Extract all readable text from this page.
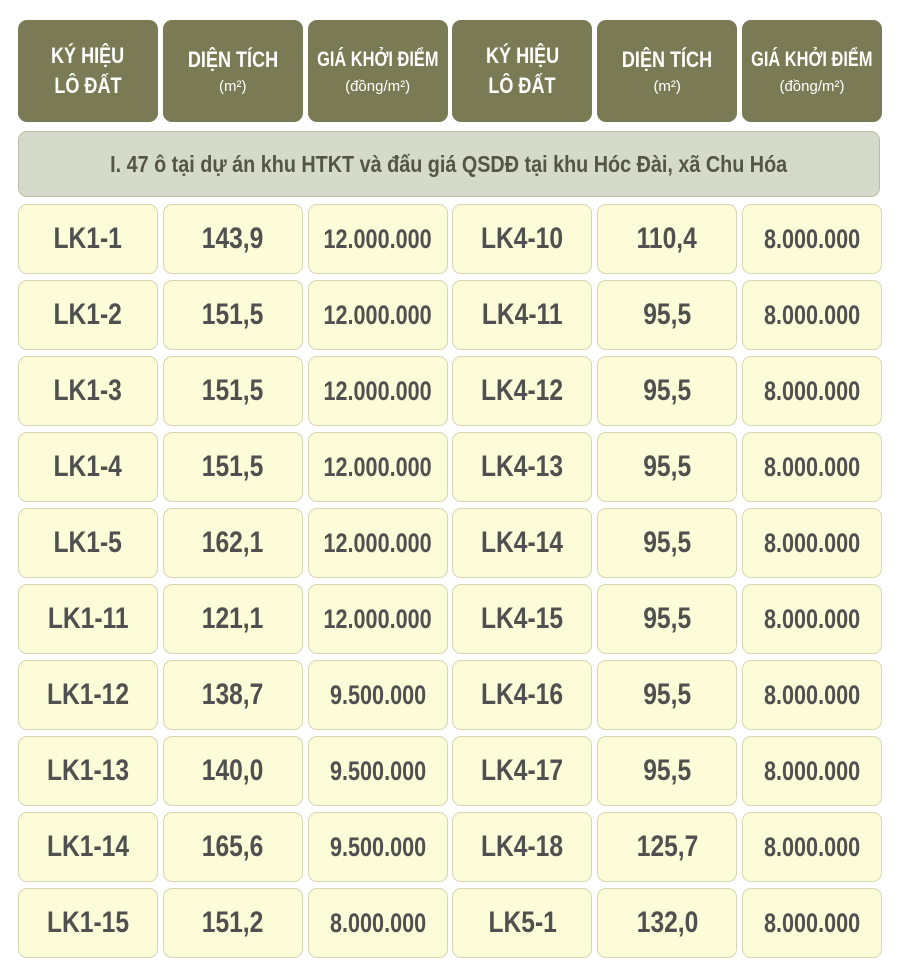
KÝ HIỆU
LÔ ĐẤT
DIỆN TÍCH
(m²)
GIÁ KHỞI ĐIỂM
(đồng/m²)
KÝ HIỆU
LÔ ĐẤT
DIỆN TÍCH
(m²)
GIÁ KHỞI ĐIỂM
(đồng/m²)
I. 47 ô tại dự án khu HTKT và đấu giá QSDĐ tại khu Hóc Đài, xã Chu Hóa
LK1-1	143,9 12.000.000 LK4-10 110,4 8.000.000
LK1-2	151,5 12.000.000 LK4-11	95,5	8.000.000
LK1-3	151,5 12.000.000 LK4-12	95,5	8.000.000
LK1-4	151,5 12.000.000 LK4-13	95,5	8.000.000
LK1-5	162,1 12.000.000 LK4-14	95,5	8.000.000
LK1-11 121,1 12.000.000 LK4-15	95,5	8.000.000
LK1-12 138,7 9.500.000 LK4-16	95,5	8.000.000
LK1-13 140,0 9.500.000 LK4-17	95,5	8.000.000
LK1-14 165,6 9.500.000 LK4-18 125,7 8.000.000
LK1-15 151,2 8.000.000 LK5-1	132,0 8.000.000
